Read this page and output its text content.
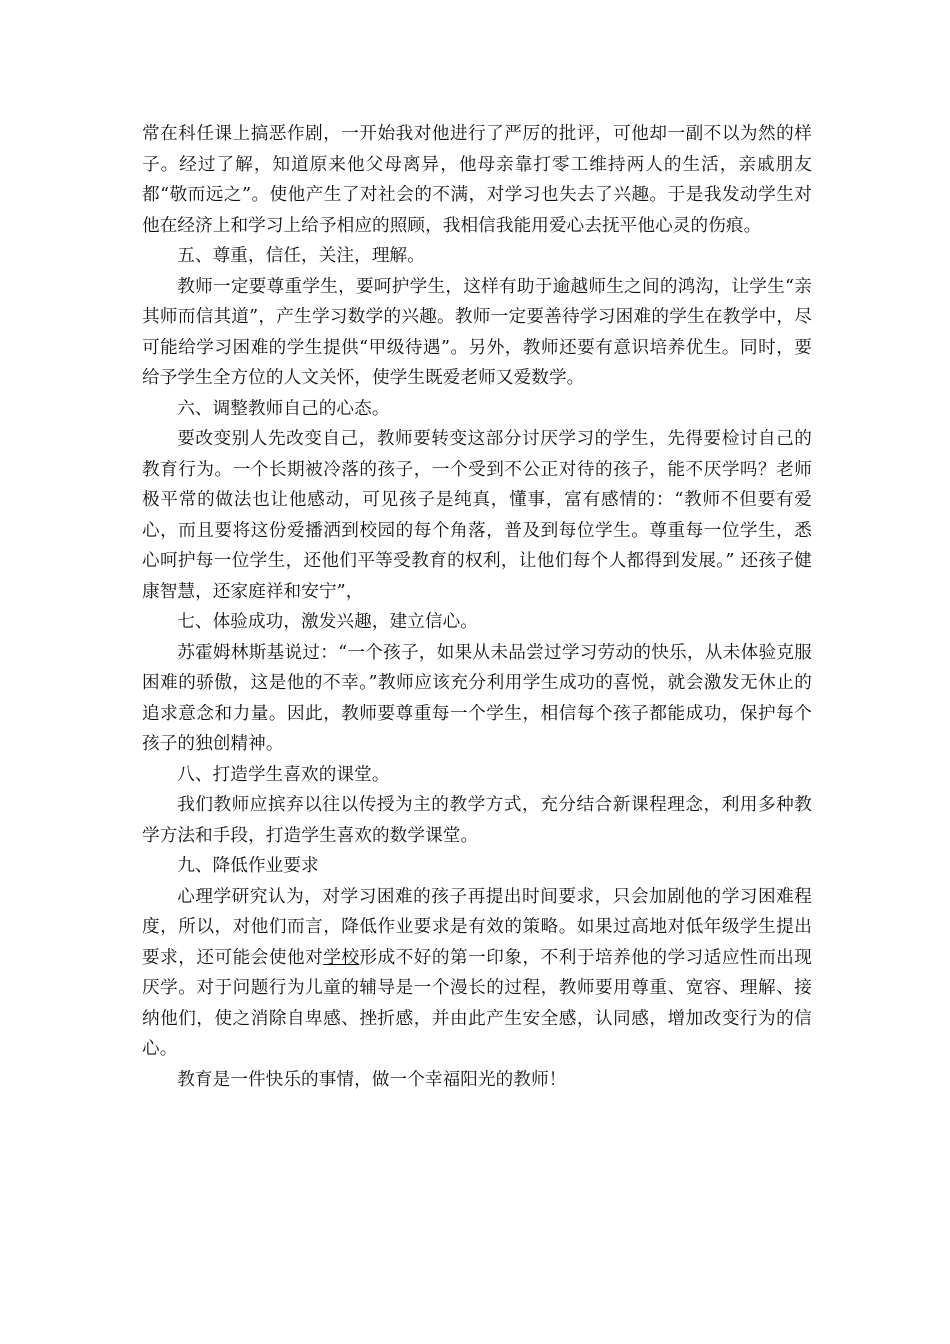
常在科任课上搞恶作剧，一开始我对他进行了严厉的批评，可他却一副不以为然的样子。经过了解，知道原来他父母离异，他母亲靠打零工维持两人的生活，亲戚朋友都“敬而远之”。使他产生了对社会的不满，对学习也失去了兴趣。于是我发动学生对他在经济上和学习上给予相应的照顾，我相信我能用爱心去抚平他心灵的伤痕。

五、尊重，信任，关注，理解。

教师一定要尊重学生，要呵护学生，这样有助于逾越师生之间的鸿沟，让学生“亲其师而信其道”，产生学习数学的兴趣。教师一定要善待学习困难的学生在教学中，尽可能给学习困难的学生提供“甲级待遇”。另外，教师还要有意识培养优生。同时，要给予学生全方位的人文关怀，使学生既爱老师又爱数学。

六、调整教师自己的心态。

要改变别人先改变自己，教师要转变这部分讨厌学习的学生，先得要检讨自己的教育行为。一个长期被冷落的孩子，一个受到不公正对待的孩子，能不厌学吗？老师极平常的做法也让他感动，可见孩子是纯真，懂事，富有感情的：“教师不但要有爱心，而且要将这份爱播洒到校园的每个角落，普及到每位学生。尊重每一位学生，悉心呵护每一位学生，还他们平等受教育的权利，让他们每个人都得到发展。” 还孩子健康智慧，还家庭祥和安宁”，

七、体验成功，激发兴趣，建立信心。

苏霍姆林斯基说过：“一个孩子，如果从未品尝过学习劳动的快乐，从未体验克服困难的骄傲，这是他的不幸。”教师应该充分利用学生成功的喜悦，就会激发无休止的追求意念和力量。因此，教师要尊重每一个学生，相信每个孩子都能成功，保护每个孩子的独创精神。

八、打造学生喜欢的课堂。

我们教师应摈弃以往以传授为主的教学方式，充分结合新课程理念，利用多种教学方法和手段，打造学生喜欢的数学课堂。

九、降低作业要求

心理学研究认为，对学习困难的孩子再提出时间要求，只会加剧他的学习困难程度，所以，对他们而言，降低作业要求是有效的策略。如果过高地对低年级学生提出要求，还可能会使他对学校形成不好的第一印象，不利于培养他的学习适应性而出现厌学。对于问题行为儿童的辅导是一个漫长的过程，教师要用尊重、宽容、理解、接纳他们，使之消除自卑感、挫折感，并由此产生安全感，认同感，增加改变行为的信心。

教育是一件快乐的事情，做一个幸福阳光的教师！
